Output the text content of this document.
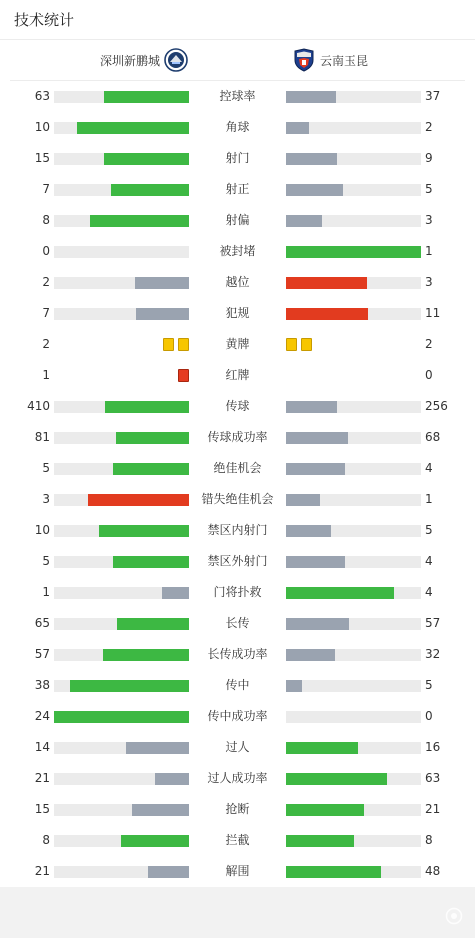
技术统计
深圳新鹏城	云南玉昆
63	控球率	37
10	角球	2
15	射门	9
7	射正	5
8	射偏	3
0	被封堵	1
2	越位	3
7	犯规	11
2	黄牌	2
1	红牌	0
410	传球	256
81	传球成功率	68
5	绝佳机会	4
3	错失绝佳机会	1
10	禁区内射门	5
5	禁区外射门	4
1	门将扑救	4
65	长传	57
57	长传成功率	32
38	传中	5
24	传中成功率	0
14	过人	16
21	过人成功率	63
15	抢断	21
8	拦截	8
21	解围	48
